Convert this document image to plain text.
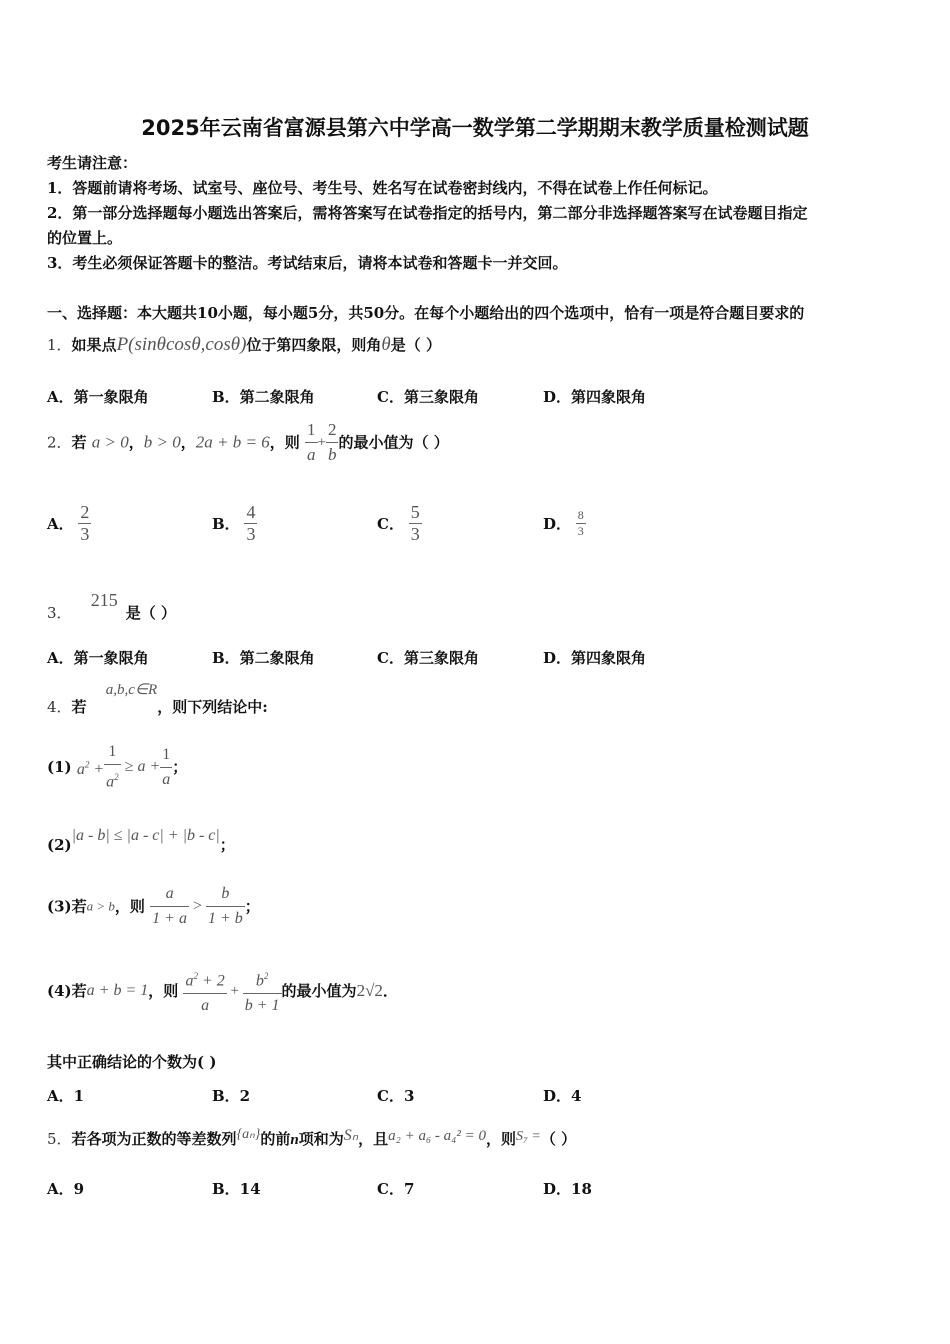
2025年云南省富源县第六中学高一数学第二学期期末教学质量检测试题
考生请注意：
1．答题前请将考场、试室号、座位号、考生号、姓名写在试卷密封线内，不得在试卷上作任何标记。
2．第一部分选择题每小题选出答案后，需将答案写在试卷指定的括号内，第二部分非选择题答案写在试卷题目指定
的位置上。
3．考生必须保证答题卡的整洁。考试结束后，请将本试卷和答题卡一并交回。
一、选择题：本大题共10小题，每小题5分，共50分。在每个小题给出的四个选项中，恰有一项是符合题目要求的
1．如果点P(sinθcosθ,cosθ)位于第四象限，则角θ是（ ）
A．第一象限角	B．第二象限角	C．第三象限角	D．第四象限角
2．若 a > 0，b > 0，2a + b = 6，则 $\frac{1}{a} + \frac{2}{b}$ 的最小值为（ ）
A． $\frac{2}{3}$	B． $\frac{4}{3}$	C． $\frac{5}{3}$	D． $\frac{8}{3}$
3． 215是（ ）
A．第一象限角	B．第二象限角	C．第三象限角	D．第四象限角
4．若 a,b,c∈R，则下列结论中:
(1) $a^2 + \frac{1}{a^2} \ge a + \frac{1}{a}$ ；
(2)|a - b| ≤ |a - c| + |b - c|；
(3)若a > b，则 $\frac{a}{1 + a} > \frac{b}{1 + b}$ ；
(4)若a + b = 1，则 $\frac{a^2 + 2}{a} + \frac{b^2}{b + 1}$ 的最小值为2√2．
其中正确结论的个数为( )
A．1	B．2	C．3	D．4
5．若各项为正数的等差数列{aₙ}的前n项和为Sₙ，且a₂ + a₆ - a₄² = 0，则S₇ =（ ）
A．9	B．14	C．7	D．18
